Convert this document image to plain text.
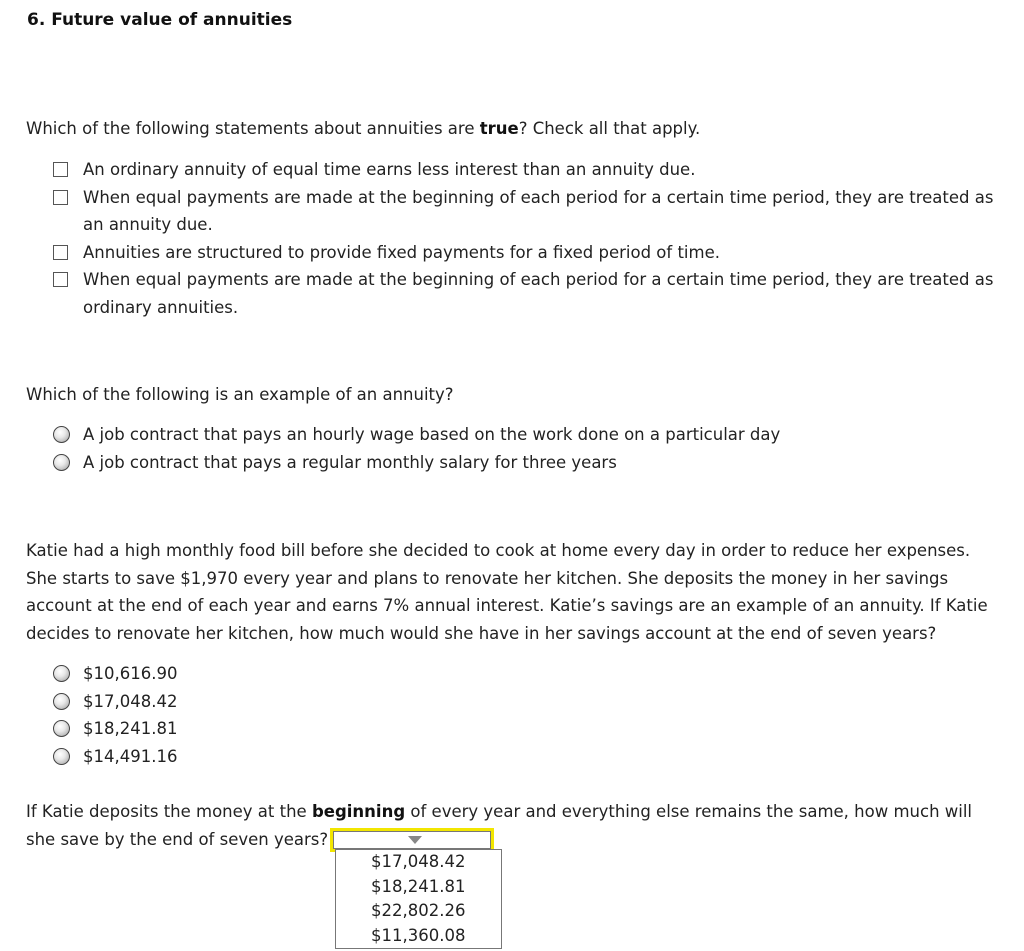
6. Future value of annuities
Which of the following statements about annuities are true? Check all that apply.
An ordinary annuity of equal time earns less interest than an annuity due.
When equal payments are made at the beginning of each period for a certain time period, they are treated as an annuity due.
Annuities are structured to provide fixed payments for a fixed period of time.
When equal payments are made at the beginning of each period for a certain time period, they are treated as ordinary annuities.
Which of the following is an example of an annuity?
A job contract that pays an hourly wage based on the work done on a particular day
A job contract that pays a regular monthly salary for three years
Katie had a high monthly food bill before she decided to cook at home every day in order to reduce her expenses. She starts to save $1,970 every year and plans to renovate her kitchen. She deposits the money in her savings account at the end of each year and earns 7% annual interest. Katie’s savings are an example of an annuity. If Katie decides to renovate her kitchen, how much would she have in her savings account at the end of seven years?
$10,616.90
$17,048.42
$18,241.81
$14,491.16
If Katie deposits the money at the beginning of every year and everything else remains the same, how much will
she save by the end of seven years?
$17,048.42
$18,241.81
$22,802.26
$11,360.08
